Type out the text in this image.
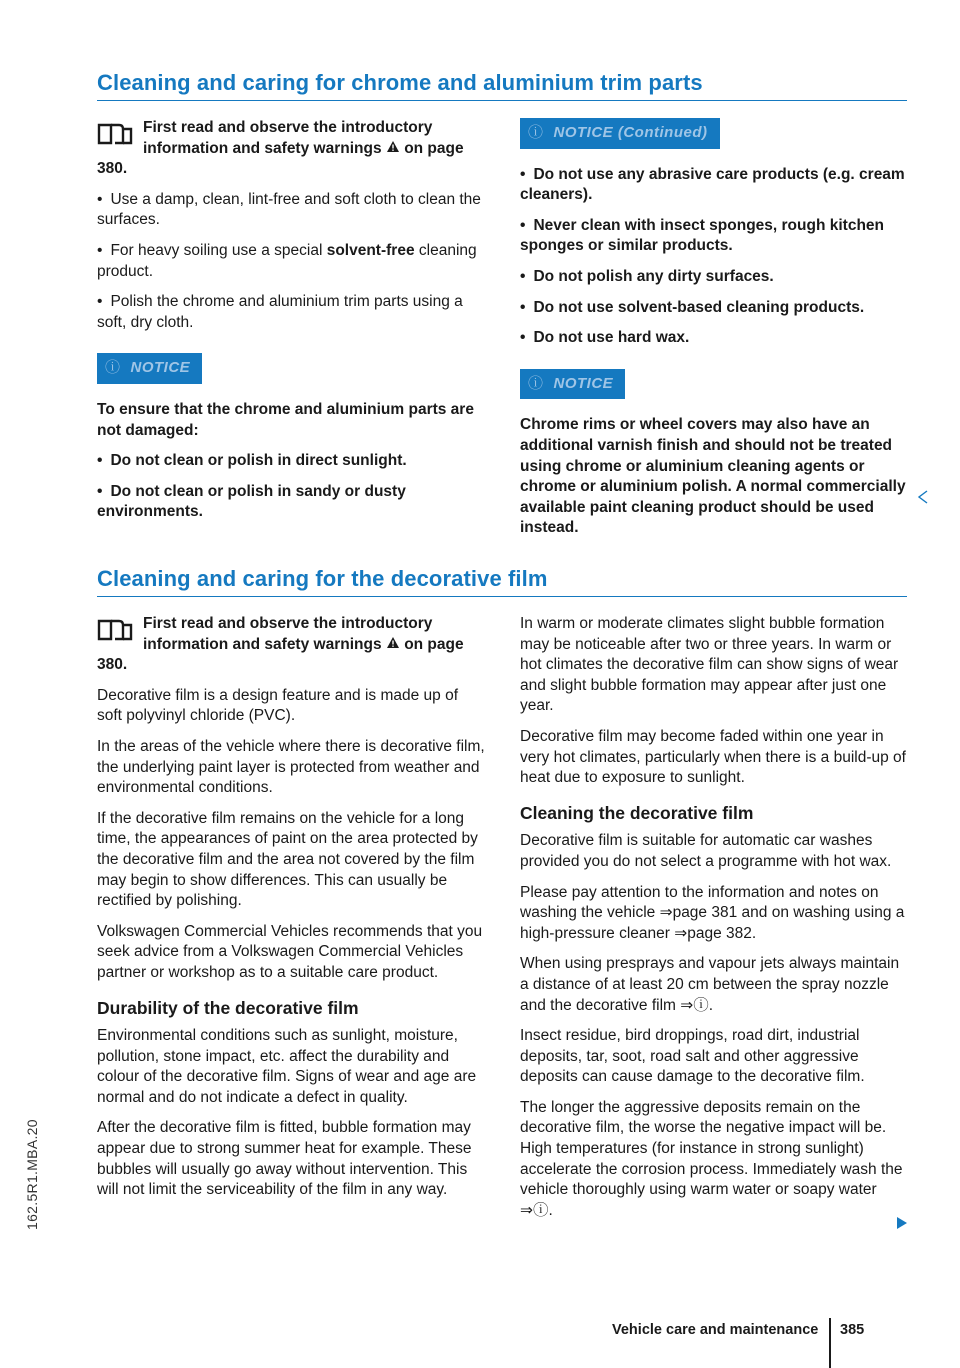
Cleaning and caring for chrome and aluminium trim parts

First read and observe the introductory information and safety warnings on page 380.

• Use a damp, clean, lint-free and soft cloth to clean the surfaces.

• For heavy soiling use a special solvent-free cleaning product.

• Polish the chrome and aluminium trim parts using a soft, dry cloth.

ⓘ NOTICE

To ensure that the chrome and aluminium parts are not damaged:

• Do not clean or polish in direct sunlight.

• Do not clean or polish in sandy or dusty environments.

ⓘ NOTICE (Continued)

• Do not use any abrasive care products (e.g. cream cleaners).

• Never clean with insect sponges, rough kitchen sponges or similar products.

• Do not polish any dirty surfaces.

• Do not use solvent-based cleaning products.

• Do not use hard wax.

ⓘ NOTICE

Chrome rims or wheel covers may also have an additional varnish finish and should not be treated using chrome or aluminium cleaning agents or chrome or aluminium polish. A normal commercially available paint cleaning product should be used instead.

Cleaning and caring for the decorative film

First read and observe the introductory information and safety warnings on page 380.

Decorative film is a design feature and is made up of soft polyvinyl chloride (PVC).

In the areas of the vehicle where there is decorative film, the underlying paint layer is protected from weather and environmental conditions.

If the decorative film remains on the vehicle for a long time, the appearances of paint on the area protected by the decorative film and the area not covered by the film may begin to show differences. This can usually be rectified by polishing.

Volkswagen Commercial Vehicles recommends that you seek advice from a Volkswagen Commercial Vehicles partner or workshop as to a suitable care product.

Durability of the decorative film

Environmental conditions such as sunlight, moisture, pollution, stone impact, etc. affect the durability and colour of the decorative film. Signs of wear and age are normal and do not indicate a defect in quality.

After the decorative film is fitted, bubble formation may appear due to strong summer heat for example. These bubbles will usually go away without intervention. This will not limit the serviceability of the film in any way.

In warm or moderate climates slight bubble formation may be noticeable after two or three years. In warm or hot climates the decorative film can show signs of wear and slight bubble formation may appear after just one year.

Decorative film may become faded within one year in very hot climates, particularly when there is a build-up of heat due to exposure to sunlight.

Cleaning the decorative film

Decorative film is suitable for automatic car washes provided you do not select a programme with hot wax.

Please pay attention to the information and notes on washing the vehicle ⇒page 381 and on washing using a high-pressure cleaner ⇒page 382.

When using presprays and vapour jets always maintain a distance of at least 20 cm between the spray nozzle and the decorative film ⇒ⓘ.

Insect residue, bird droppings, road dirt, industrial deposits, tar, soot, road salt and other aggressive deposits can cause damage to the decorative film.

The longer the aggressive deposits remain on the decorative film, the worse the negative impact will be. High temperatures (for instance in strong sunlight) accelerate the corrosion process. Immediately wash the vehicle thoroughly using warm water or soapy water ⇒ⓘ.

162.5R1.MBA.20
Vehicle care and maintenance 385
